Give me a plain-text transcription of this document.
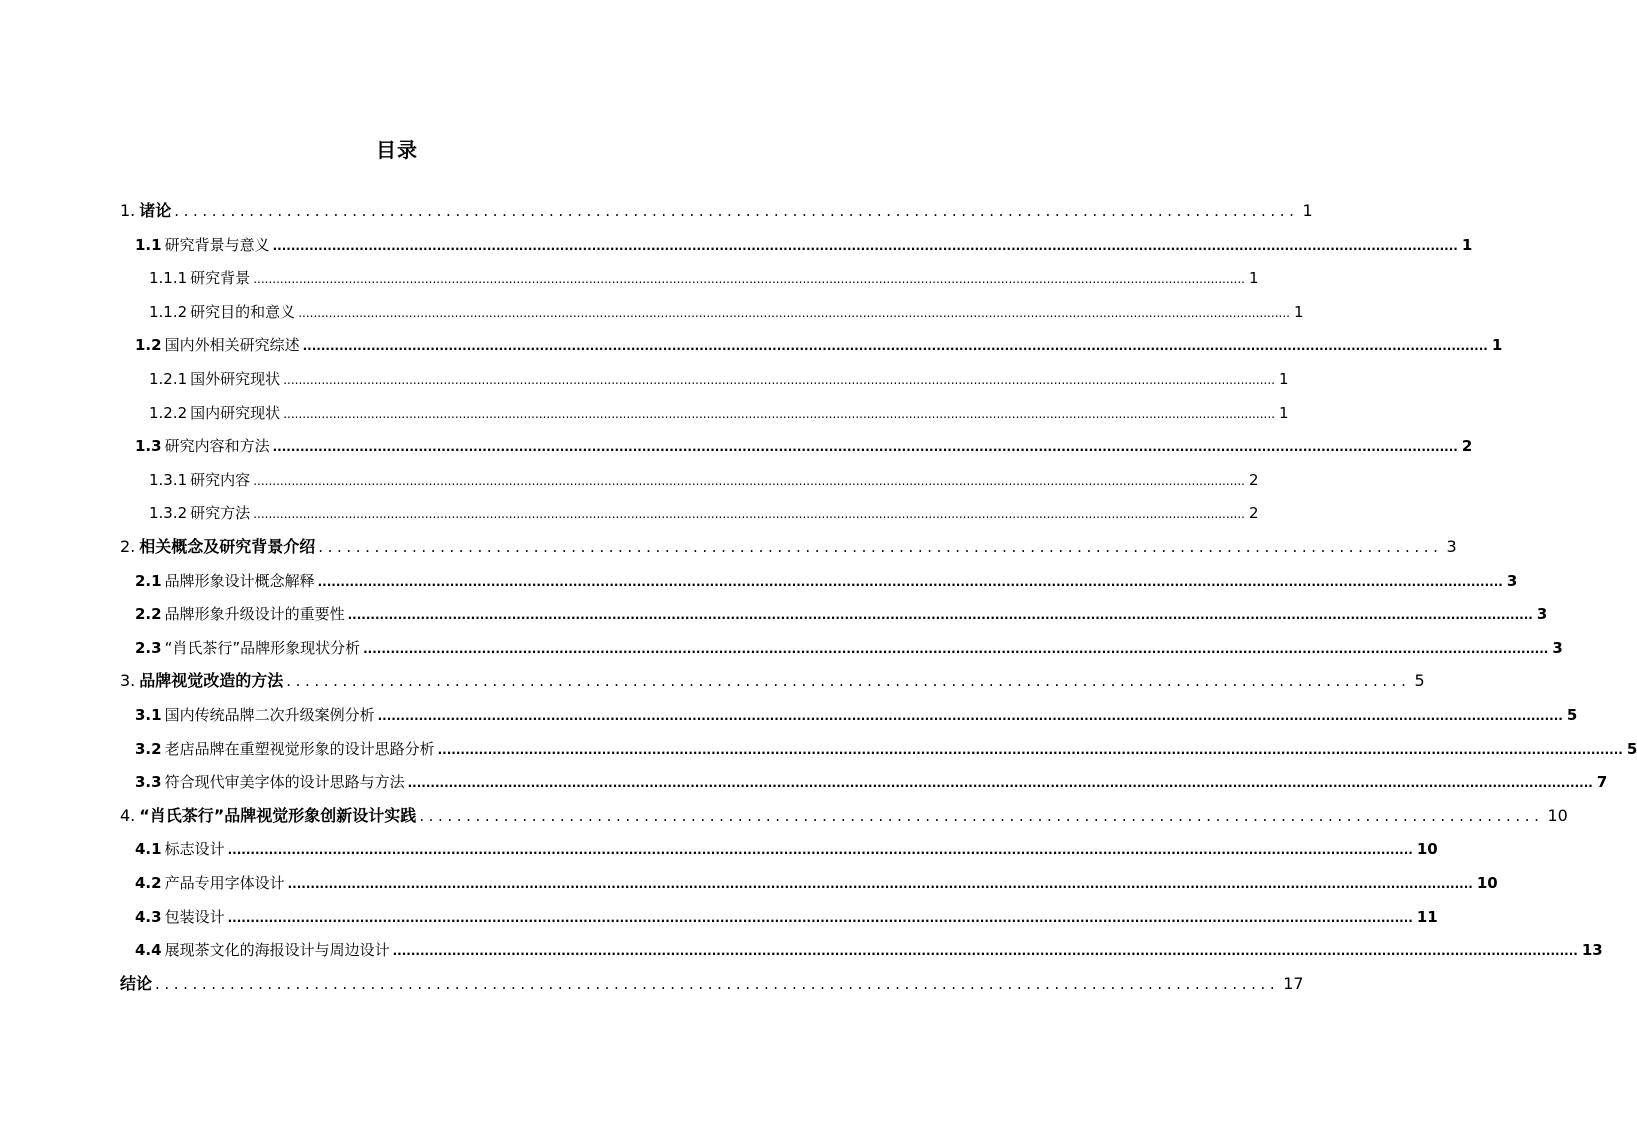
目录
1. 诸论 ........................................................................................................................ 1
1.1 研究背景与意义 .................................................................................................................................................................................................................................................................... 1
1.1.1 研究背景 .................................................................................................................................................................................................................................................................... 1
1.1.2 研究目的和意义 .................................................................................................................................................................................................................................................................... 1
1.2 国内外相关研究综述 .................................................................................................................................................................................................................................................................... 1
1.2.1 国外研究现状 .................................................................................................................................................................................................................................................................... 1
1.2.2 国内研究现状 .................................................................................................................................................................................................................................................................... 1
1.3 研究内容和方法 .................................................................................................................................................................................................................................................................... 2
1.3.1 研究内容 .................................................................................................................................................................................................................................................................... 2
1.3.2 研究方法 .................................................................................................................................................................................................................................................................... 2
2. 相关概念及研究背景介绍 ........................................................................................................................ 3
2.1 品牌形象设计概念解释 .................................................................................................................................................................................................................................................................... 3
2.2 品牌形象升级设计的重要性 .................................................................................................................................................................................................................................................................... 3
2.3 “肖氏茶行”品牌形象现状分析 .................................................................................................................................................................................................................................................................... 3
3. 品牌视觉改造的方法 ........................................................................................................................ 5
3.1 国内传统品牌二次升级案例分析 .................................................................................................................................................................................................................................................................... 5
3.2 老店品牌在重塑视觉形象的设计思路分析 .................................................................................................................................................................................................................................................................... 5
3.3 符合现代审美字体的设计思路与方法 .................................................................................................................................................................................................................................................................... 7
4. “肖氏茶行”品牌视觉形象创新设计实践 ........................................................................................................................ 10
4.1 标志设计 .................................................................................................................................................................................................................................................................... 10
4.2 产品专用字体设计 .................................................................................................................................................................................................................................................................... 10
4.3 包装设计 .................................................................................................................................................................................................................................................................... 11
4.4 展现茶文化的海报设计与周边设计 .................................................................................................................................................................................................................................................................... 13
结论 ........................................................................................................................ 17
